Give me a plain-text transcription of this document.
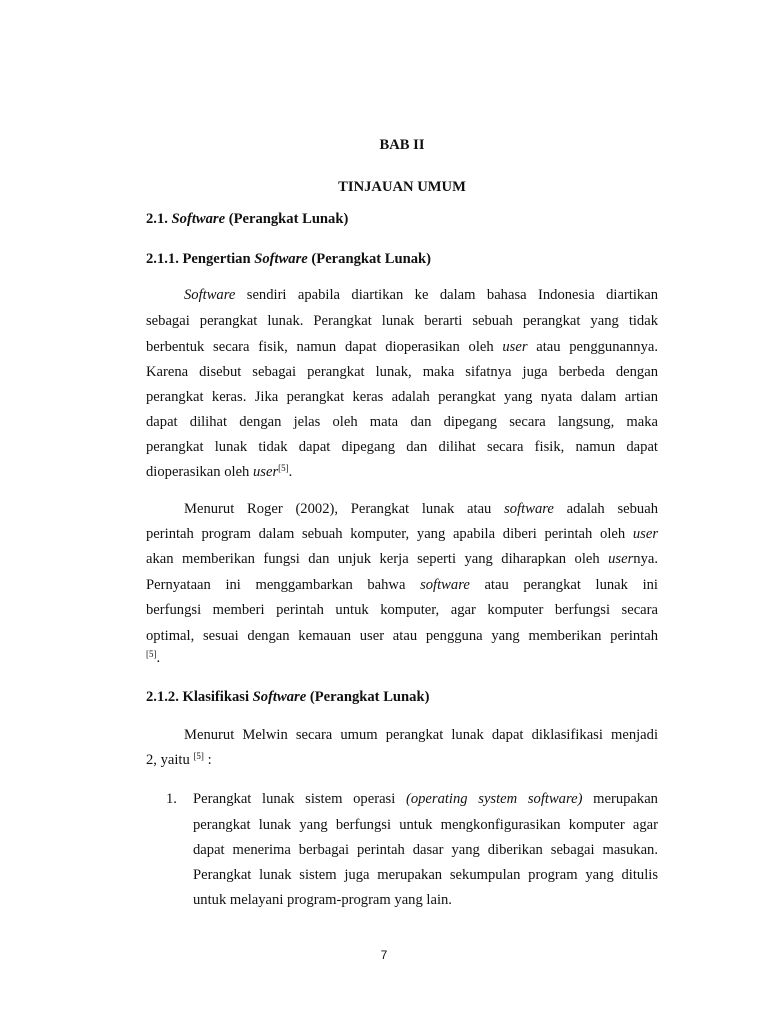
BAB II
TINJAUAN UMUM
2.1. Software (Perangkat Lunak)
2.1.1. Pengertian Software (Perangkat Lunak)
Software sendiri apabila diartikan ke dalam bahasa Indonesia diartikan
sebagai perangkat lunak. Perangkat lunak berarti sebuah perangkat yang tidak
berbentuk secara fisik, namun dapat dioperasikan oleh user atau penggunannya.
Karena disebut sebagai perangkat lunak, maka sifatnya juga berbeda dengan
perangkat keras. Jika perangkat keras adalah perangkat yang nyata dalam artian
dapat dilihat dengan jelas oleh mata dan dipegang secara langsung, maka
perangkat lunak tidak dapat dipegang dan dilihat secara fisik, namun dapat
dioperasikan oleh user[5].
Menurut Roger (2002), Perangkat lunak atau software adalah sebuah
perintah program dalam sebuah komputer, yang apabila diberi perintah oleh user
akan memberikan fungsi dan unjuk kerja seperti yang diharapkan oleh usernya.
Pernyataan ini menggambarkan bahwa software atau perangkat lunak ini
berfungsi memberi perintah untuk komputer, agar komputer berfungsi secara
optimal, sesuai dengan kemauan user atau pengguna yang memberikan perintah
[5].
2.1.2. Klasifikasi Software (Perangkat Lunak)
Menurut Melwin secara umum perangkat lunak dapat diklasifikasi menjadi
2, yaitu [5] :
1. Perangkat lunak sistem operasi (operating system software) merupakan
perangkat lunak yang berfungsi untuk mengkonfigurasikan komputer agar
dapat menerima berbagai perintah dasar yang diberikan sebagai masukan.
Perangkat lunak sistem juga merupakan sekumpulan program yang ditulis
untuk melayani program-program yang lain.
7
